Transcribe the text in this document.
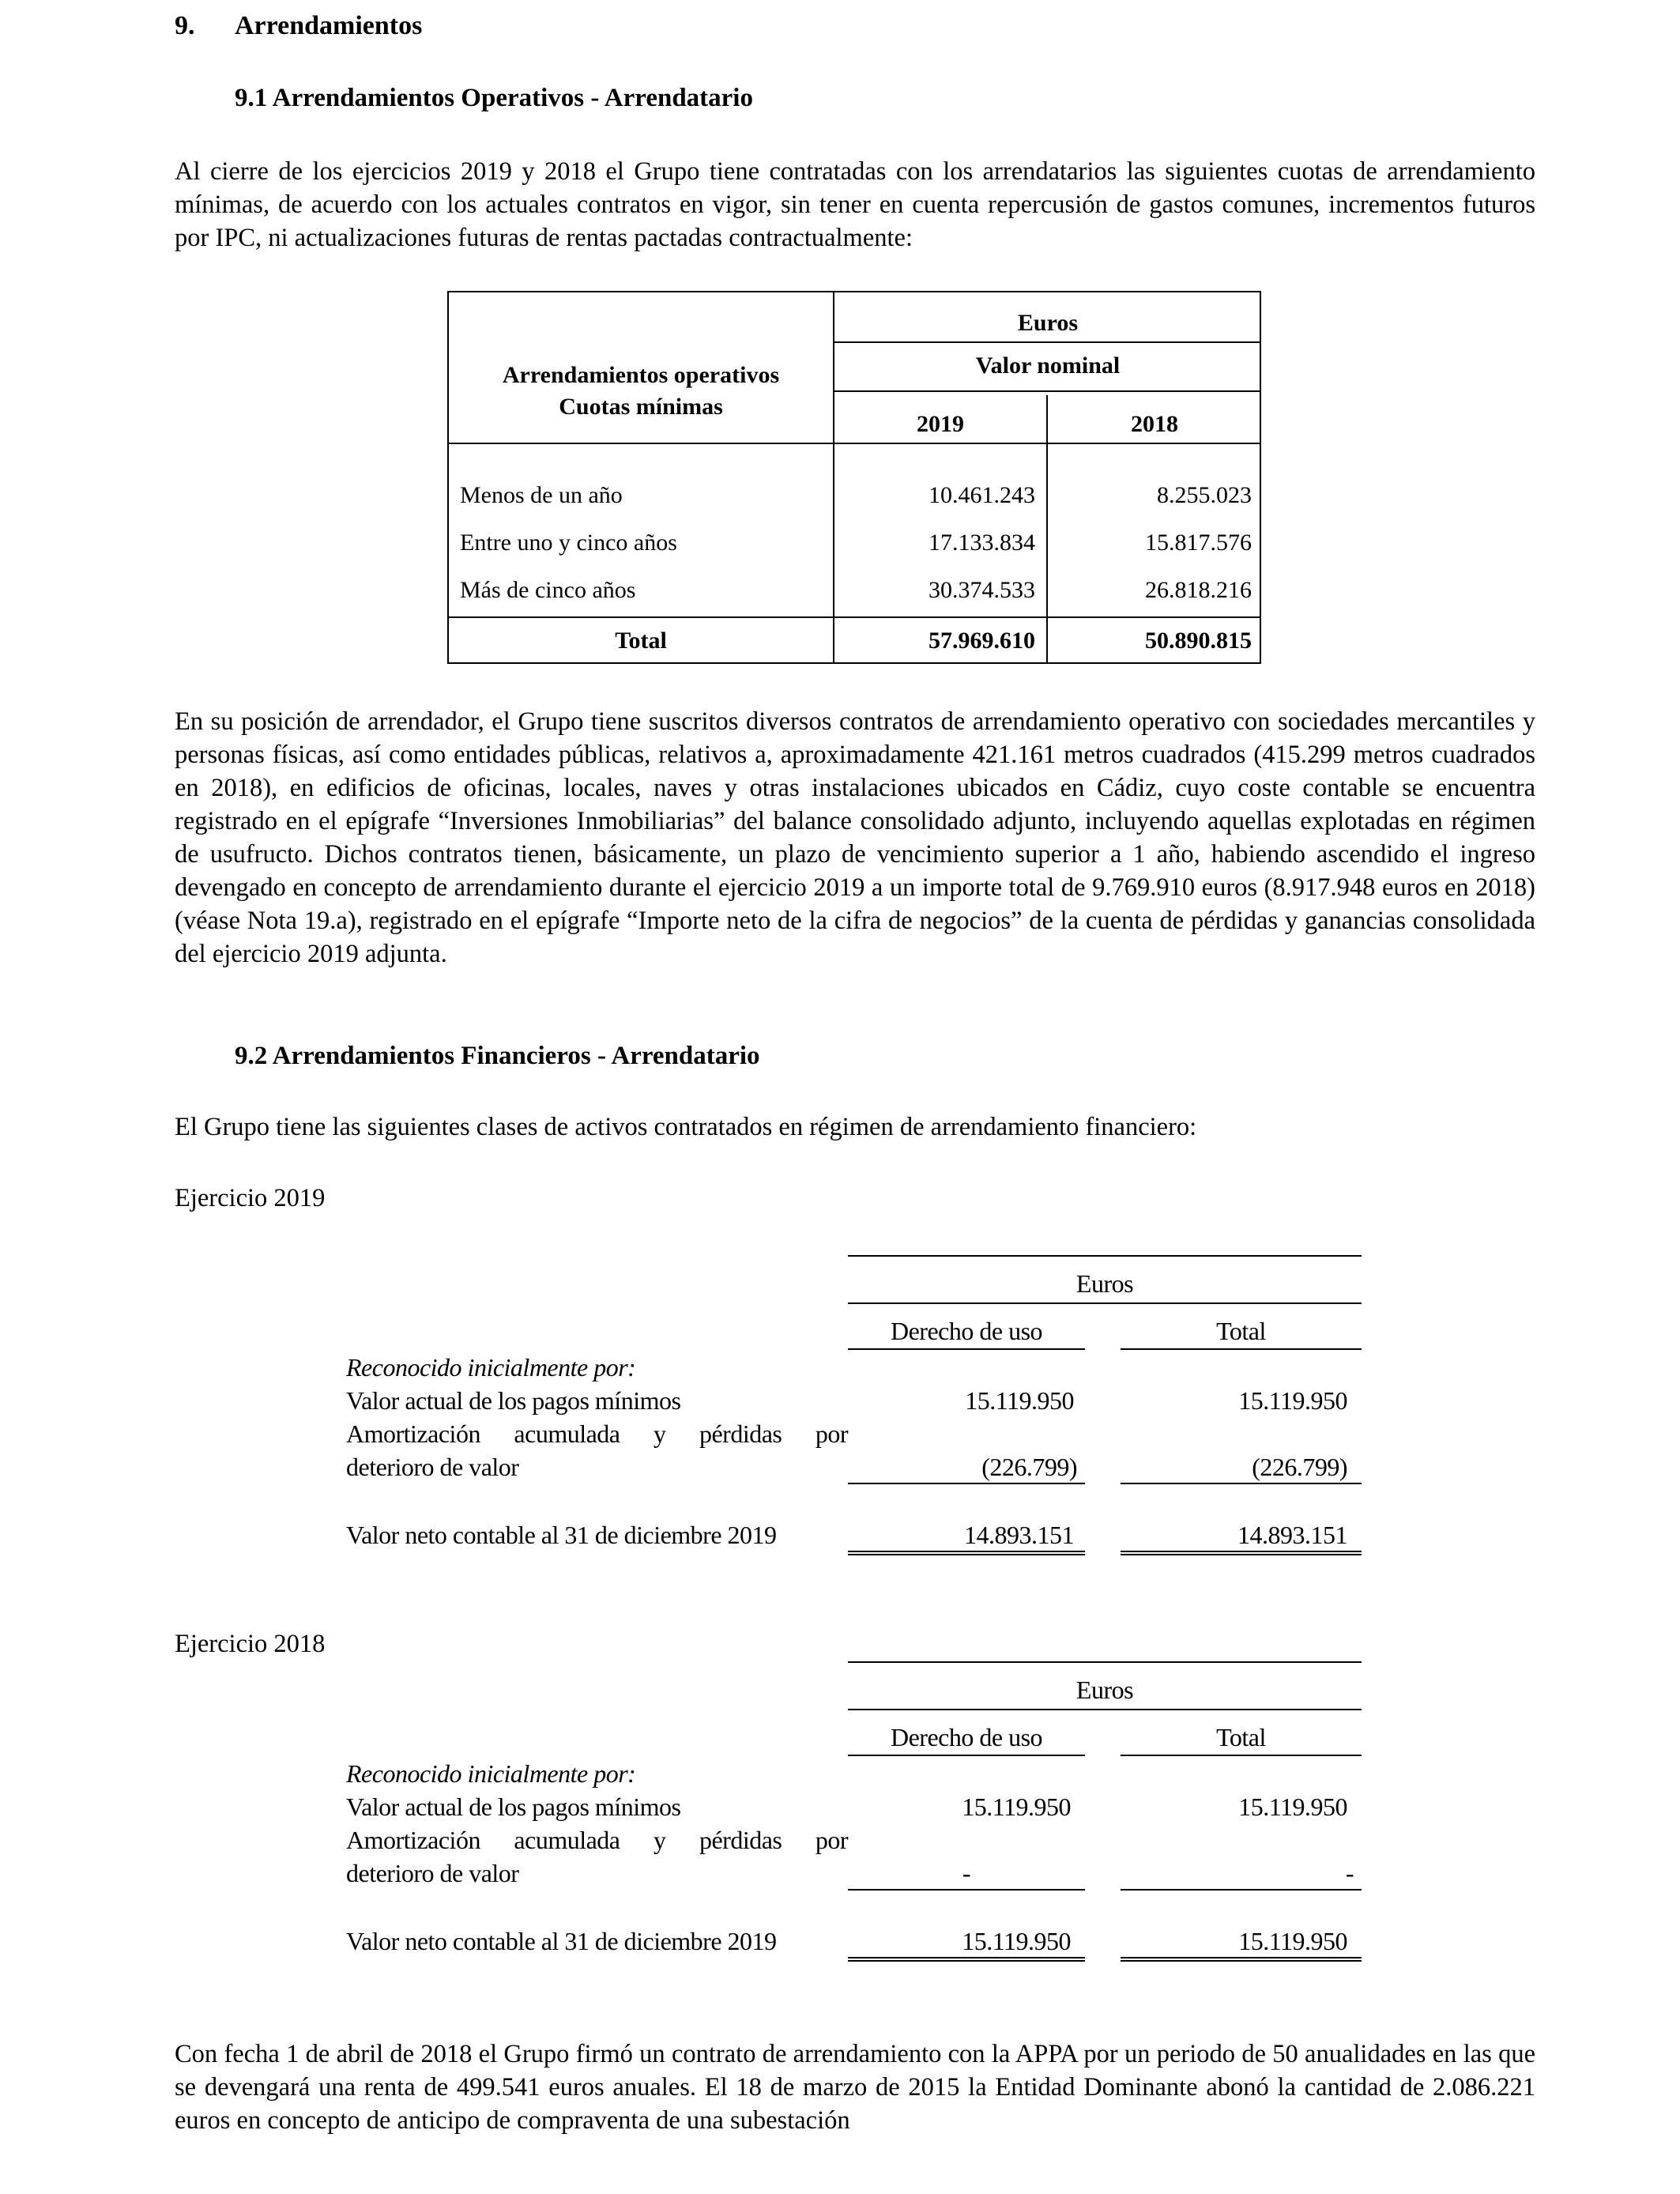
9. Arrendamientos
9.1 Arrendamientos Operativos - Arrendatario
Al cierre de los ejercicios 2019 y 2018 el Grupo tiene contratadas con los arrendatarios las siguientes cuotas de arrendamiento mínimas, de acuerdo con los actuales contratos en vigor, sin tener en cuenta repercusión de gastos comunes, incrementos futuros por IPC, ni actualizaciones futuras de rentas pactadas contractualmente:
Arrendamientos operativos
Cuotas mínimas
Euros
Valor nominal
2019	2018
Menos de un año	10.461.243	8.255.023
Entre uno y cinco años	17.133.834	15.817.576
Más de cinco años	30.374.533	26.818.216
Total	57.969.610	50.890.815
En su posición de arrendador, el Grupo tiene suscritos diversos contratos de arrendamiento operativo con sociedades mercantiles y personas físicas, así como entidades públicas, relativos a, aproximadamente 421.161 metros cuadrados (415.299 metros cuadrados en 2018), en edificios de oficinas, locales, naves y otras instalaciones ubicados en Cádiz, cuyo coste contable se encuentra registrado en el epígrafe “Inversiones Inmobiliarias” del balance consolidado adjunto, incluyendo aquellas explotadas en régimen de usufructo. Dichos contratos tienen, básicamente, un plazo de vencimiento superior a 1 año, habiendo ascendido el ingreso devengado en concepto de arrendamiento durante el ejercicio 2019 a un importe total de 9.769.910 euros (8.917.948 euros en 2018) (véase Nota 19.a), registrado en el epígrafe “Importe neto de la cifra de negocios” de la cuenta de pérdidas y ganancias consolidada del ejercicio 2019 adjunta.
9.2 Arrendamientos Financieros - Arrendatario
El Grupo tiene las siguientes clases de activos contratados en régimen de arrendamiento financiero:
Ejercicio 2019
Euros
Derecho de uso	Total
Reconocido inicialmente por:
Valor actual de los pagos mínimos	15.119.950	15.119.950
Amortización acumulada y pérdidas por
deterioro de valor	(226.799)	(226.799)
Valor neto contable al 31 de diciembre 2019	14.893.151	14.893.151
Ejercicio 2018
Euros
Derecho de uso	Total
Reconocido inicialmente por:
Valor actual de los pagos mínimos	15.119.950	15.119.950
Amortización acumulada y pérdidas por
deterioro de valor	-	-
Valor neto contable al 31 de diciembre 2019	15.119.950	15.119.950
Con fecha 1 de abril de 2018 el Grupo firmó un contrato de arrendamiento con la APPA por un periodo de 50 anualidades en las que se devengará una renta de 499.541 euros anuales. El 18 de marzo de 2015 la Entidad Dominante abonó la cantidad de 2.086.221 euros en concepto de anticipo de compraventa de una subestación
